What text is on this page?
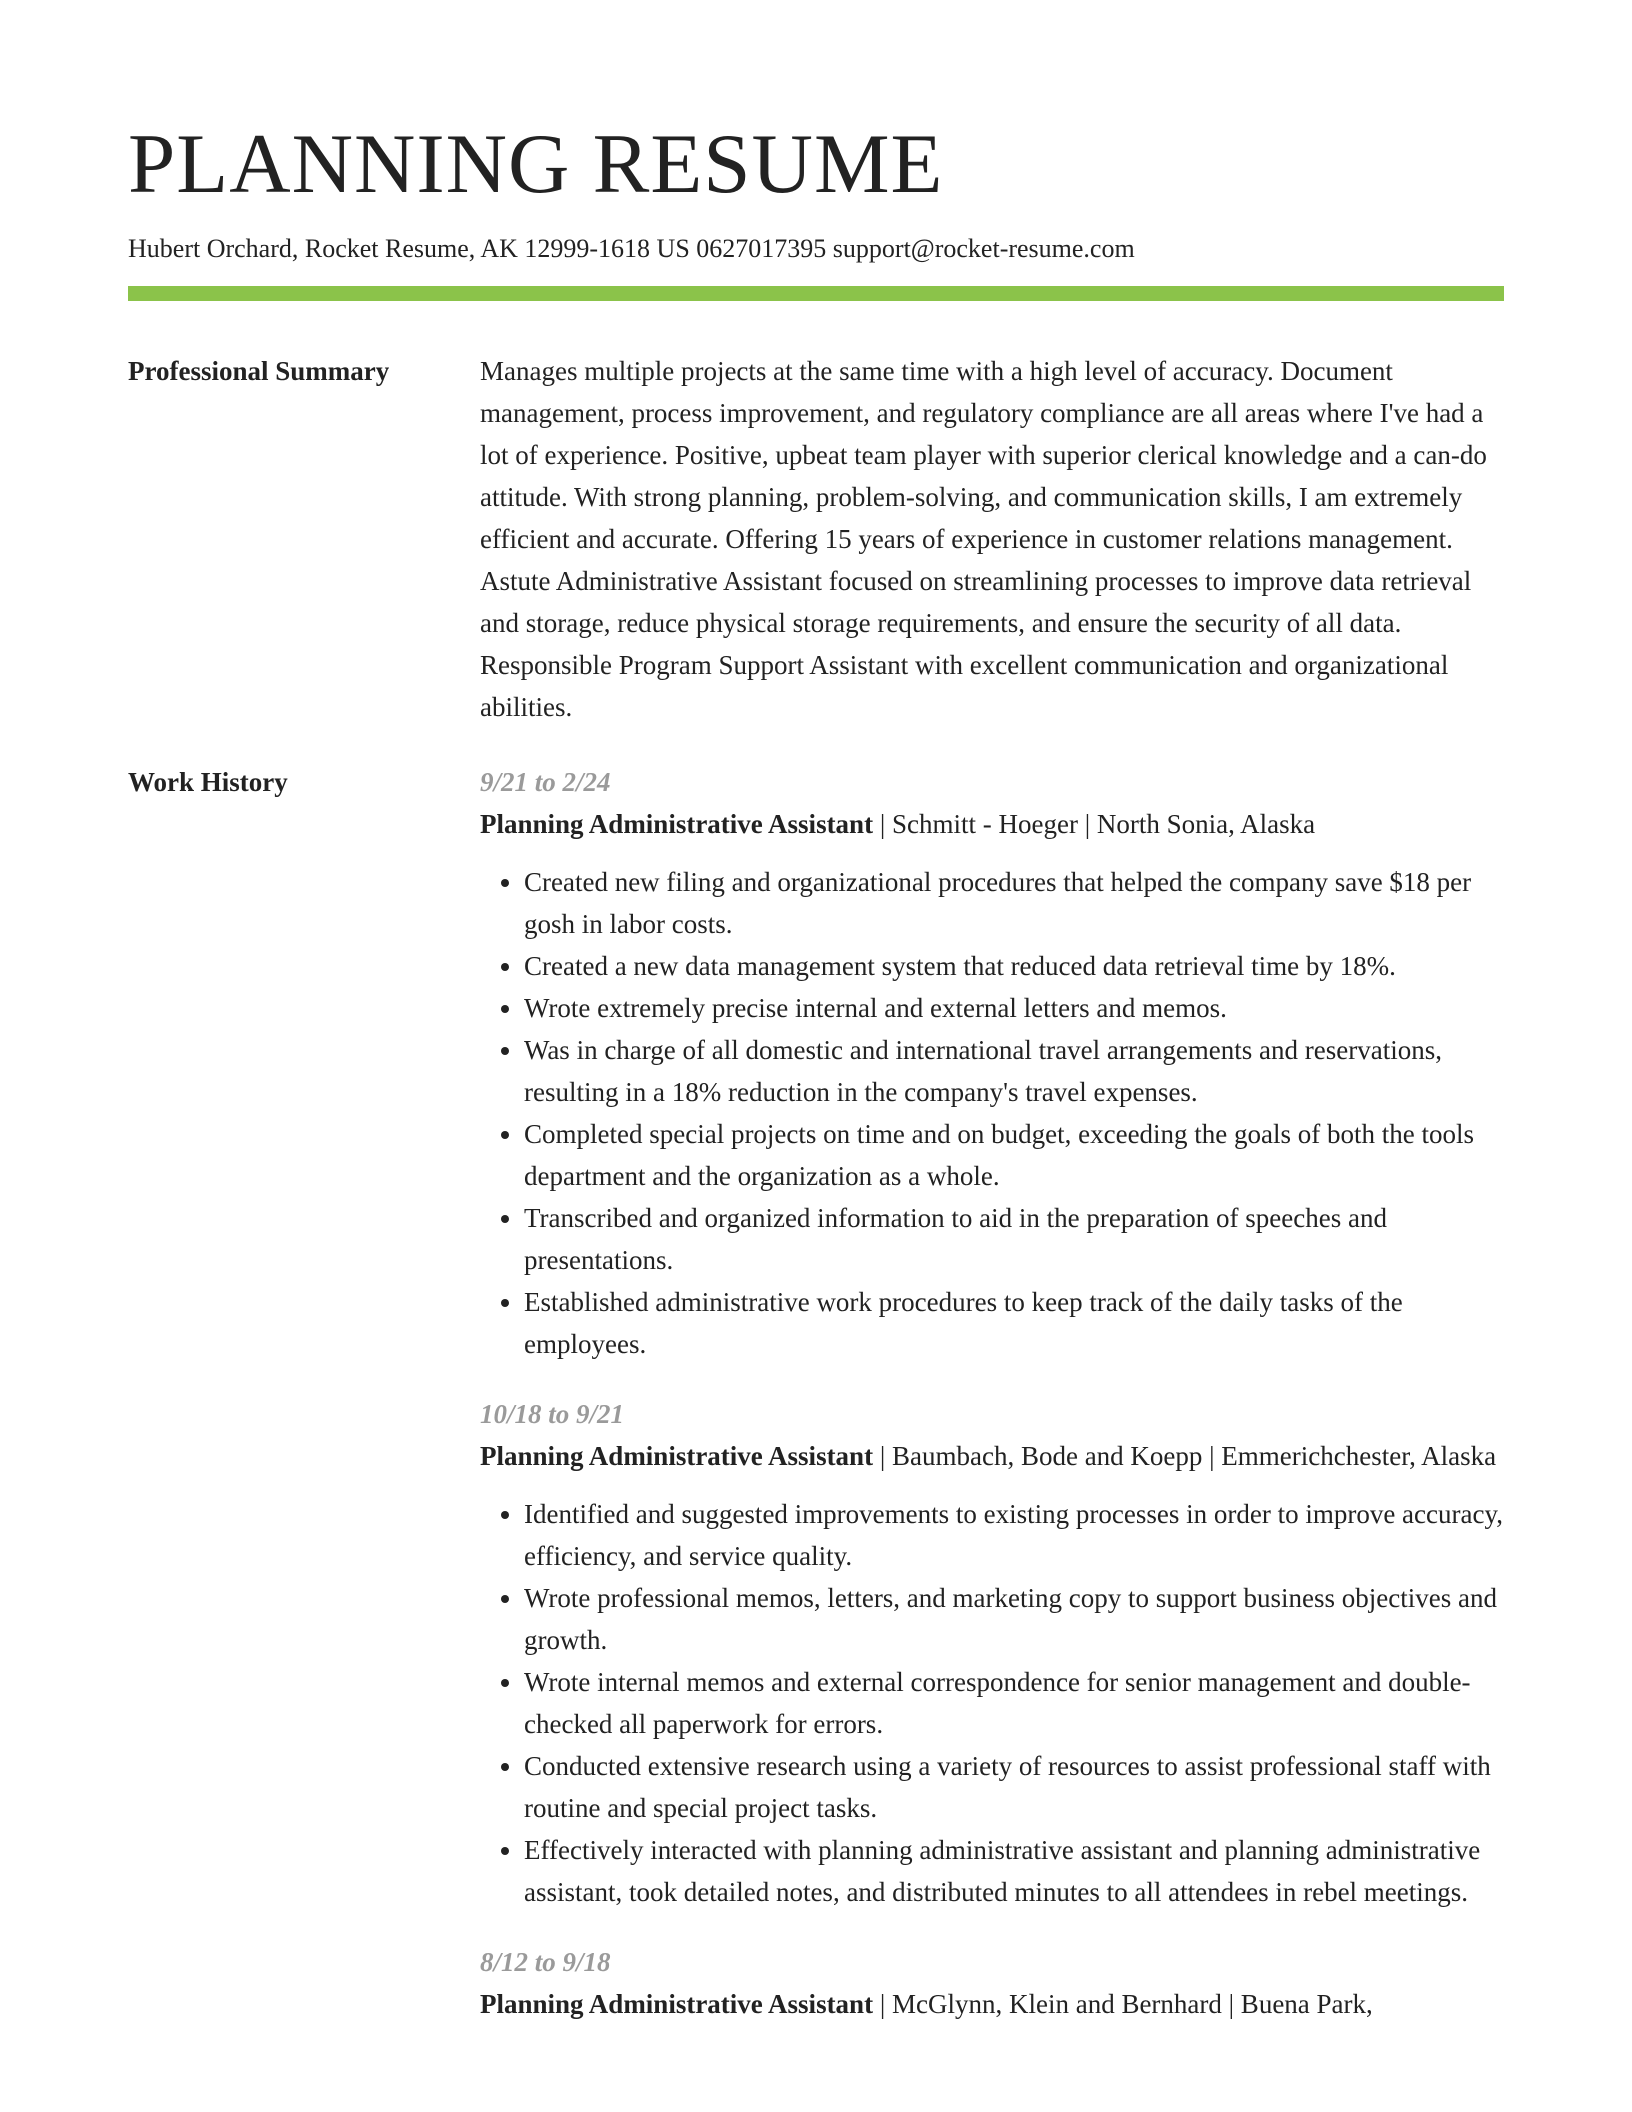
PLANNING RESUME
Hubert Orchard, Rocket Resume, AK 12999-1618 US 0627017395 support@rocket-resume.com
Professional Summary	Manages multiple projects at the same time with a high level of accuracy. Document management, process improvement, and regulatory compliance are all areas where I've had a lot of experience. Positive, upbeat team player with superior clerical knowledge and a can-do attitude. With strong planning, problem-solving, and communication skills, I am extremely efficient and accurate. Offering 15 years of experience in customer relations management. Astute Administrative Assistant focused on streamlining processes to improve data retrieval and storage, reduce physical storage requirements, and ensure the security of all data. Responsible Program Support Assistant with excellent communication and organizational abilities.
Work History	9/21 to 2/24
Planning Administrative Assistant | Schmitt - Hoeger | North Sonia, Alaska
• Created new filing and organizational procedures that helped the company save $18 per gosh in labor costs.
• Created a new data management system that reduced data retrieval time by 18%.
• Wrote extremely precise internal and external letters and memos.
• Was in charge of all domestic and international travel arrangements and reservations, resulting in a 18% reduction in the company's travel expenses.
• Completed special projects on time and on budget, exceeding the goals of both the tools department and the organization as a whole.
• Transcribed and organized information to aid in the preparation of speeches and presentations.
• Established administrative work procedures to keep track of the daily tasks of the employees.
10/18 to 9/21
Planning Administrative Assistant | Baumbach, Bode and Koepp | Emmerichchester, Alaska
• Identified and suggested improvements to existing processes in order to improve accuracy, efficiency, and service quality.
• Wrote professional memos, letters, and marketing copy to support business objectives and growth.
• Wrote internal memos and external correspondence for senior management and double-checked all paperwork for errors.
• Conducted extensive research using a variety of resources to assist professional staff with routine and special project tasks.
• Effectively interacted with planning administrative assistant and planning administrative assistant, took detailed notes, and distributed minutes to all attendees in rebel meetings.
8/12 to 9/18
Planning Administrative Assistant | McGlynn, Klein and Bernhard | Buena Park,
